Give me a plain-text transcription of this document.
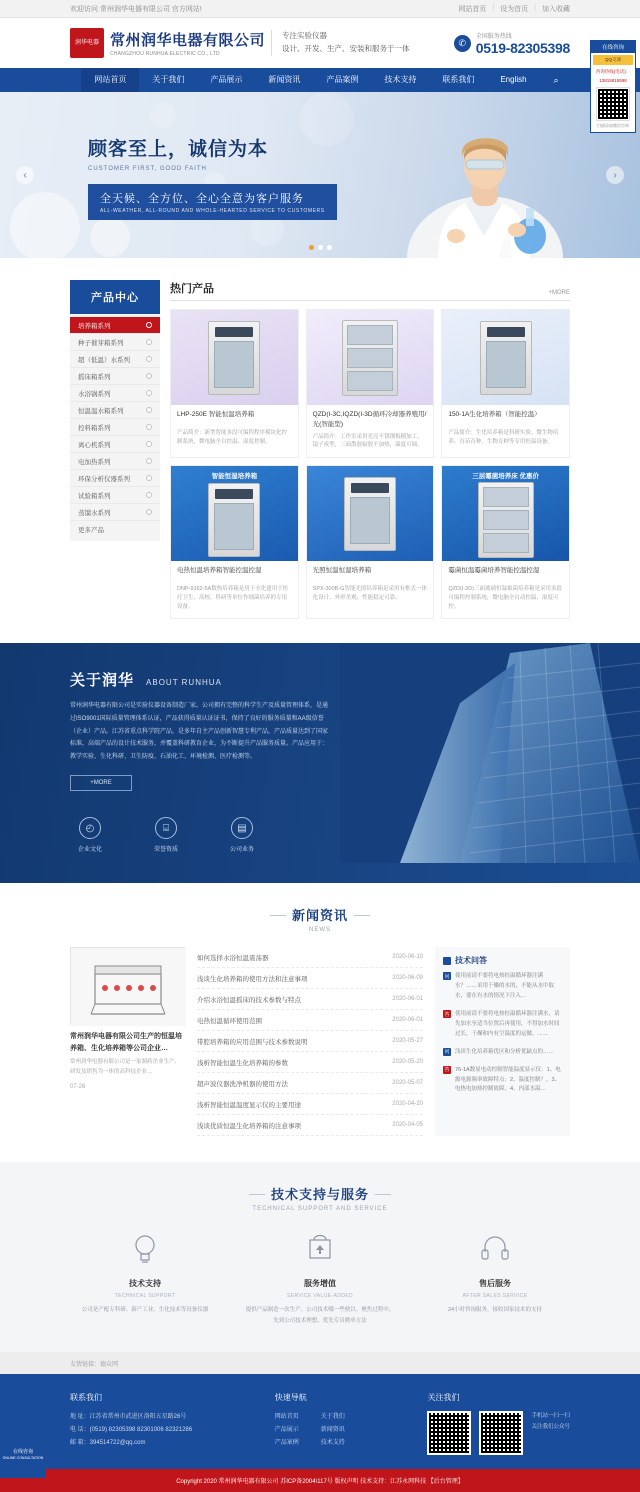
欢迎访问 常州润华电器有限公司 官方网站!	网站首页 | 设为首页 | 加入收藏
润华电器 常州润华电器有限公司
CHANGZHOU RUNHUA ELECTRIC CO., LTD
专注实验仪器
设计、开发、生产、安装和服务于一体
✆
全国服务热线
0519-82305398
网站首页	关于我们	产品展示	新闻资讯	产品案例	技术支持	联系我们	English	⌕
顾客至上，诚信为本
CUSTOMER FIRST, GOOD FAITH
全天候、全方位、全心全意为客户服务
ALL-WEATHER, ALL-ROUND AND WHOLE-HEARTED SERVICE TO CUSTOMERS
‹	›
产品中心
培养箱系列
种子催芽箱系列
超（低温）水系列
摇床箱系列
水浴锅系列
恒温温水箱系列
控料箱系列
离心机系列
电加热系列
环保分析仪器系列
试验箱系列
蒸馏水系列
更多产品
热门产品	+MORE
LHP-250E 智能恒温培养箱
产品简介：新型智能多段可编程程序模块化控制系统，微电脑全自控温、湿度控制。
QZD(I-3C,IQZD(I-3D循环冷却器养殖用/光(智能型)
产品简介：工作室采用光亮不锈钢板精加工，镜子成型，三面散射辐射不加热，温度可调。
150-1A生化培养箱（智能控温）
产品简介：生化培养箱是科研实验、微生物培养、育苗育种，生物育种等专用恒温设备。
智能恒湿培养箱
电热恒温培养箱智能控温控湿
DNP-9162-5A数热培养箱是用于水化遗用于医疗卫生、高校、科研等单位作细菌培养的专用设备。
光照恒温恒湿培养箱
SPX-300B-G智能光照培养箱是采用有框式一体化设计、外形美观、性能稳定可靠。
三层霉菌培养床 优惠价
霉菌恒温霉菌培养智能控温控湿
QZD(I-3D)三面玻璃恒温霉菌培养箱是采用多段可编程控制系统，微电脑全自动控温、湿度可控。
关于润华 ABOUT RUNHUA
常州润华电器有限公司是实验仪器设备制造厂家。公司拥有完整的科学生产及质量管理体系，是通过ISO9001国际质量管理体系认证，产品获得质量认证证书，保持了良好的服务质量和AA级信誉（企业）产品。江苏省重点科学院产品，是多年自主产品创新智慧专利产品，产品质量达到了国家标准，高端产品的设计技术服务，并覆盖科研教育企业，为不断提升产品服务质量。产品应用于：教学实验、生化科研、卫生防疫、石油化工、环境检测、医疗检测等。
+MORE
◴
企业文化
⌸
荣誉资质
▤
公司业务
新闻资讯
NEWS
常州润华电器有限公司生产的恒温培养箱、生化培养箱等公司企业…

常州润华电器有限公司是一家制药企业生产、研发及销售为一体的高科技企业…

07-26
如何选择水浴恒温震荡器	2020-06-10
浅谈生化培养箱的使用方法和注意事项	2020-06-09
介绍水浴恒温摇床的技术参数与特点	2020-06-01
电热恒温循环使用范围	2020-06-01
带腔培养箱的应用范围与技术参数说明	2020-05-27
浅析智能恒温生化培养箱的参数	2020-05-20
超声波仪器洗净机器的使用方法	2020-05-07
浅析智能恒温温度显示仪的主要用途	2020-04-20
浅谈优质恒温生化培养箱的注意事项	2020-04-05
技术问答
问 使用前请不要将电热恒温循环器注满水？……采用干燥的水的，不能从水中取水，要在有水的情况下注入…
答 使用前请不要将电热恒温循环器注满水，请先加水至适当位置后再使用，不得加水时间过长，干燥和内有空温度的运做，……
问 浅谈生化培养箱优区和分析优缺点的……
答 76-1A数显电动控制智能温度显示仪：1、电源电源频率故障特点：2、温度控制？。3、电热电加热控制故障。4、内部水温…
技术支持与服务
TECHNICAL SUPPORT AND SERVICE
技术支持
TECHNICAL SUPPORT

公司是产配专科研、新产工业、生化技术等设备仪器

服务增值
SERVICE VALUE-ADDED

提供产品制造一次生产、公司技术哪一些便以。聚焦过程中、先到公司技术理想、优先专员聘单方法

售后服务
AFTER SALES SERVICE

24小时咨询服务，接收国家技术的支持

友情链接： 德众网
联系我们

地 址：江苏省常州市武进区洛阳五星路26号

电 话：(0519) 82305398 82301006 82321286

邮 箱：394514722@qq.com

快速导航
网站首页
产品展示
产品案例
关于我们
新闻资讯
技术支持
关注我们
手机站一扫一扫
关注我们公众号
Copyright 2020 常州润华电器有限公司 苏ICP备2004\117号 版权声明 技术支持：江苏永网科技 【后台管理】
在线咨询
QQ交谈
咨询热线(电话)：
13815815598
扫描添加微信咨询
在线咨询
ONLINE CONSULTATION
